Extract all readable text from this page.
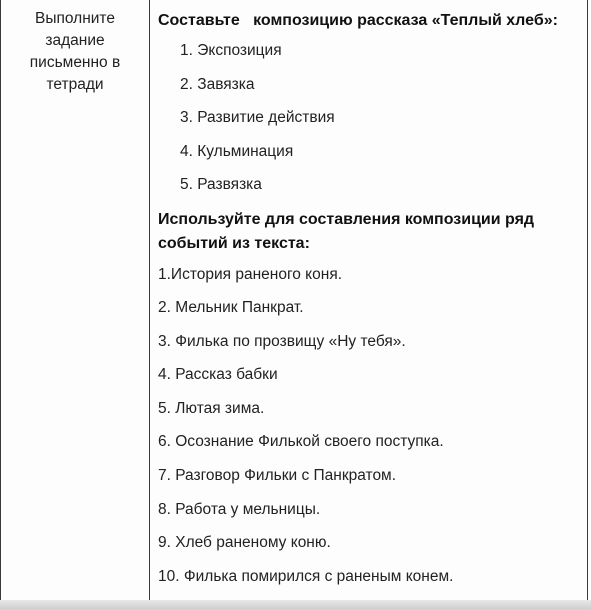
Выполните задание письменно в тетради

Составьте   композицию рассказа «Теплый хлеб»:

1. Экспозиция
2. Завязка
3. Развитие действия
4. Кульминация
5. Развязка

Используйте для составления композиции ряд событий из текста:

1.История раненого коня.
2. Мельник Панкрат.
3. Филька по прозвищу «Ну тебя».
4. Рассказ бабки
5. Лютая зима.
6. Осознание Филькой своего поступка.
7. Разговор Фильки с Панкратом.
8. Работа у мельницы.
9. Хлеб раненому коню.
10. Филька помирился с раненым конем.
